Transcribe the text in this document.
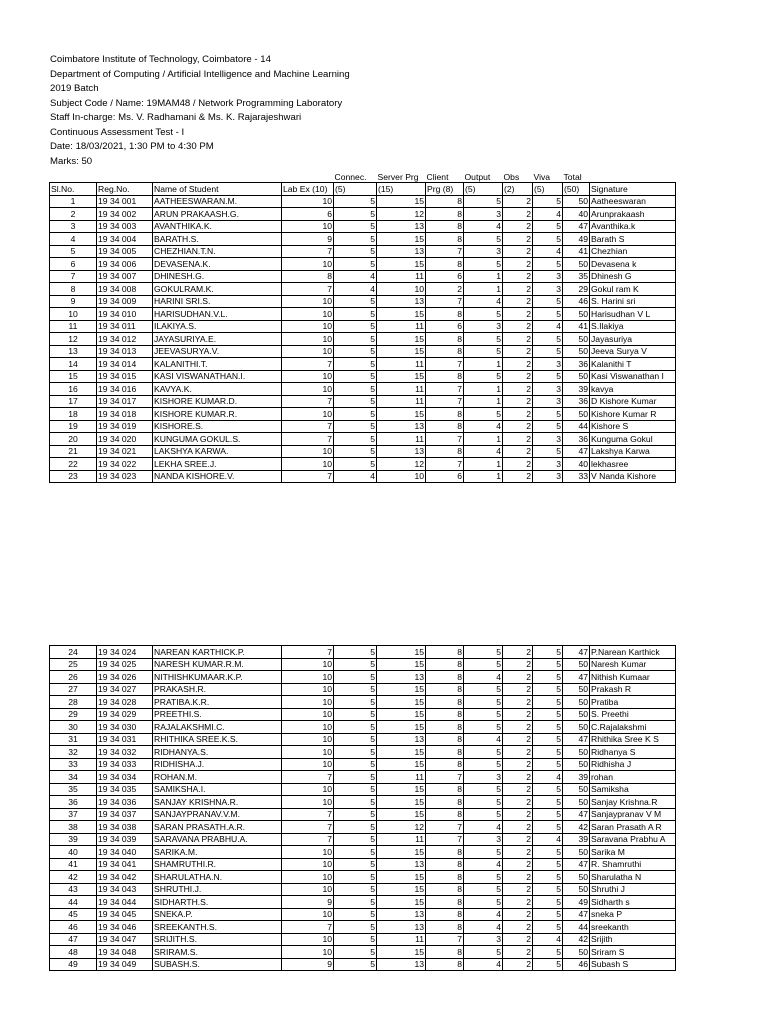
Coimbatore Institute of Technology, Coimbatore - 14
Department of Computing / Artificial Intelligence and Machine Learning
2019 Batch
Subject Code / Name: 19MAM48 / Network Programming Laboratory
Staff In-charge: Ms. V. Radhamani & Ms. K. Rajarajeshwari
Continuous Assessment Test - I
Date: 18/03/2021, 1:30 PM to 4:30 PM
Marks: 50
				Connec.	Server Prg	Client	Output	Obs	Viva	Total	
Sl.No.	Reg.No.	Name of Student	Lab Ex (10)	(5)	(15)	Prg (8)	(5)	(2)	(5)	(50)	Signature
1	19 34 001	AATHEESWARAN.M.	10	5	15	8	5	2	5	50	Aatheeswaran
2	19 34 002	ARUN PRAKAASH.G.	6	5	12	8	3	2	4	40	Arunprakaash
3	19 34 003	AVANTHIKA.K.	10	5	13	8	4	2	5	47	Avanthika.k
4	19 34 004	BARATH.S.	9	5	15	8	5	2	5	49	Barath S
5	19 34 005	CHEZHIAN.T.N.	7	5	13	7	3	2	4	41	Chezhian
6	19 34 006	DEVASENA.K.	10	5	15	8	5	2	5	50	Devasena k
7	19 34 007	DHINESH.G.	8	4	11	6	1	2	3	35	Dhinesh G
8	19 34 008	GOKULRAM.K.	7	4	10	2	1	2	3	29	Gokul ram K
9	19 34 009	HARINI SRI.S.	10	5	13	7	4	2	5	46	S. Harini sri
10	19 34 010	HARISUDHAN.V.L.	10	5	15	8	5	2	5	50	Harisudhan V L
11	19 34 011	ILAKIYA.S.	10	5	11	6	3	2	4	41	S.Ilakiya
12	19 34 012	JAYASURIYA.E.	10	5	15	8	5	2	5	50	Jayasuriya
13	19 34 013	JEEVASURYA.V.	10	5	15	8	5	2	5	50	Jeeva Surya V
14	19 34 014	KALANITHI.T.	7	5	11	7	1	2	3	36	Kalanithi T
15	19 34 015	KASI VISWANATHAN.I.	10	5	15	8	5	2	5	50	Kasi Viswanathan I
16	19 34 016	KAVYA.K.	10	5	11	7	1	2	3	39	kavya
17	19 34 017	KISHORE KUMAR.D.	7	5	11	7	1	2	3	36	D Kishore Kumar
18	19 34 018	KISHORE KUMAR.R.	10	5	15	8	5	2	5	50	Kishore Kumar R
19	19 34 019	KISHORE.S.	7	5	13	8	4	2	5	44	Kishore S
20	19 34 020	KUNGUMA GOKUL.S.	7	5	11	7	1	2	3	36	Kunguma Gokul
21	19 34 021	LAKSHYA KARWA.	10	5	13	8	4	2	5	47	Lakshya Karwa
22	19 34 022	LEKHA SREE.J.	10	5	12	7	1	2	3	40	lekhasree
23	19 34 023	NANDA KISHORE.V.	7	4	10	6	1	2	3	33	V Nanda Kishore
24	19 34 024	NAREAN KARTHICK.P.	7	5	15	8	5	2	5	47	P.Narean Karthick
25	19 34 025	NARESH KUMAR.R.M.	10	5	15	8	5	2	5	50	Naresh Kumar
26	19 34 026	NITHISHKUMAAR.K.P.	10	5	13	8	4	2	5	47	Nithish Kumaar
27	19 34 027	PRAKASH.R.	10	5	15	8	5	2	5	50	Prakash R
28	19 34 028	PRATIBA.K.R.	10	5	15	8	5	2	5	50	Pratiba
29	19 34 029	PREETHI.S.	10	5	15	8	5	2	5	50	S. Preethi
30	19 34 030	RAJALAKSHMI.C.	10	5	15	8	5	2	5	50	C.Rajalakshmi
31	19 34 031	RHITHIKA SREE.K.S.	10	5	13	8	4	2	5	47	Rhithika Sree K S
32	19 34 032	RIDHANYA.S.	10	5	15	8	5	2	5	50	Ridhanya S
33	19 34 033	RIDHISHA.J.	10	5	15	8	5	2	5	50	Ridhisha J
34	19 34 034	ROHAN.M.	7	5	11	7	3	2	4	39	rohan
35	19 34 035	SAMIKSHA.I.	10	5	15	8	5	2	5	50	Samiksha
36	19 34 036	SANJAY KRISHNA.R.	10	5	15	8	5	2	5	50	Sanjay Krishna.R
37	19 34 037	SANJAYPRANAV.V.M.	7	5	15	8	5	2	5	47	Sanjaypranav V M
38	19 34 038	SARAN PRASATH.A.R.	7	5	12	7	4	2	5	42	Saran Prasath A R
39	19 34 039	SARAVANA PRABHU.A.	7	5	11	7	3	2	4	39	Saravana Prabhu A
40	19 34 040	SARIKA.M.	10	5	15	8	5	2	5	50	Sarika M
41	19 34 041	SHAMRUTHI.R.	10	5	13	8	4	2	5	47	R. Shamruthi
42	19 34 042	SHARULATHA.N.	10	5	15	8	5	2	5	50	Sharulatha N
43	19 34 043	SHRUTHI.J.	10	5	15	8	5	2	5	50	Shruthi J
44	19 34 044	SIDHARTH.S.	9	5	15	8	5	2	5	49	Sidharth s
45	19 34 045	SNEKA.P.	10	5	13	8	4	2	5	47	sneka P
46	19 34 046	SREEKANTH.S.	7	5	13	8	4	2	5	44	sreekanth
47	19 34 047	SRIJITH.S.	10	5	11	7	3	2	4	42	Srijith
48	19 34 048	SRIRAM.S.	10	5	15	8	5	2	5	50	Sriram S
49	19 34 049	SUBASH.S.	9	5	13	8	4	2	5	46	Subash S
